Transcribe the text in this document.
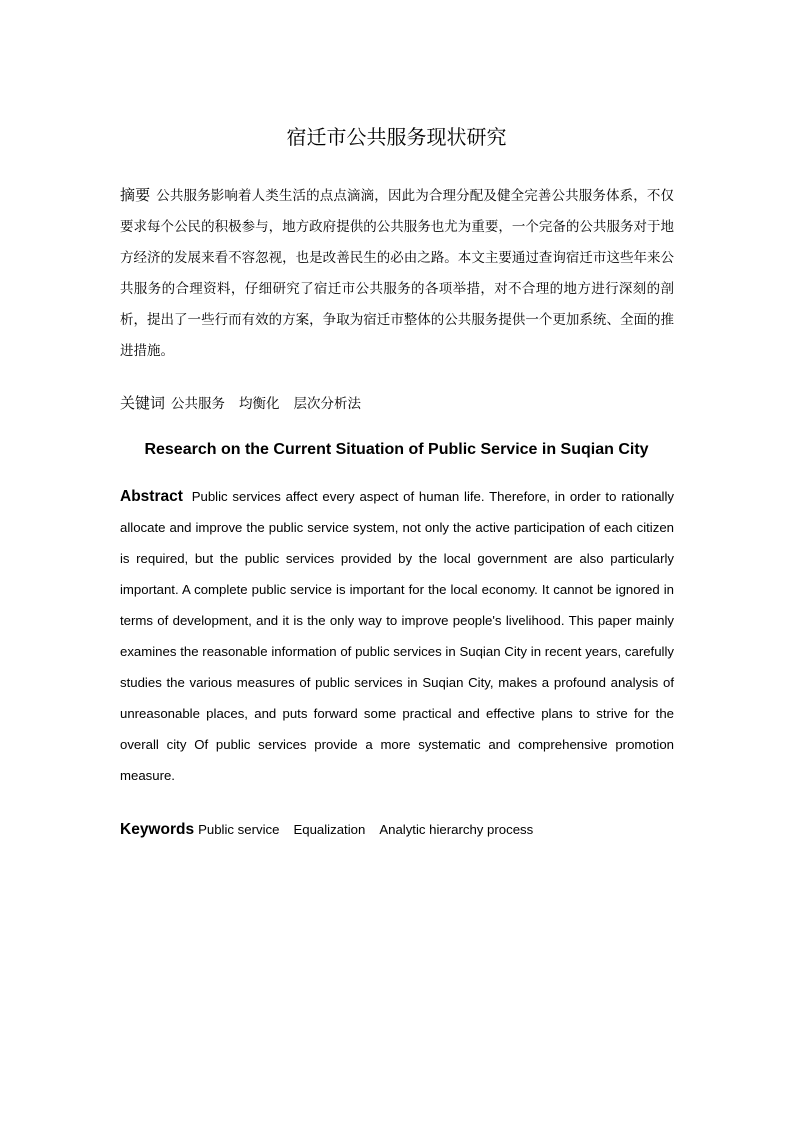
宿迁市公共服务现状研究

摘要 公共服务影响着人类生活的点点滴滴，因此为合理分配及健全完善公共服务体系，不仅要求每个公民的积极参与，地方政府提供的公共服务也尤为重要，一个完备的公共服务对于地方经济的发展来看不容忽视，也是改善民生的必由之路。本文主要通过查询宿迁市这些年来公共服务的合理资料，仔细研究了宿迁市公共服务的各项举措，对不合理的地方进行深刻的剖析，提出了一些行而有效的方案，争取为宿迁市整体的公共服务提供一个更加系统、全面的推进措施。

关键词 公共服务 均衡化 层次分析法

Research on the Current Situation of Public Service in Suqian City

Abstract Public services affect every aspect of human life. Therefore, in order to rationally allocate and improve the public service system, not only the active participation of each citizen is required, but the public services provided by the local government are also particularly important. A complete public service is important for the local economy. It cannot be ignored in terms of development, and it is the only way to improve people's livelihood. This paper mainly examines the reasonable information of public services in Suqian City in recent years, carefully studies the various measures of public services in Suqian City, makes a profound analysis of unreasonable places, and puts forward some practical and effective plans to strive for the overall city Of public services provide a more systematic and comprehensive promotion measure.

Keywords Public service Equalization Analytic hierarchy process
